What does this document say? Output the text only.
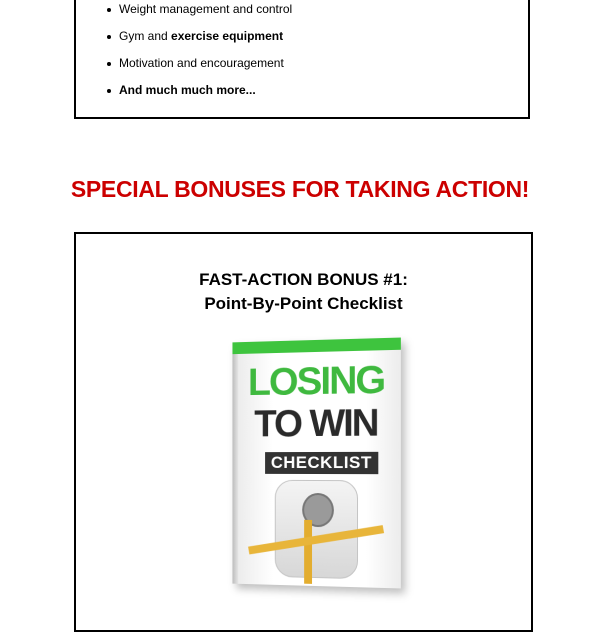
Weight management and control
Gym and exercise equipment
Motivation and encouragement
And much much more...
SPECIAL BONUSES FOR TAKING ACTION!
FAST-ACTION BONUS #1:
Point-By-Point Checklist
LOSING
TO WIN
CHECKLIST
